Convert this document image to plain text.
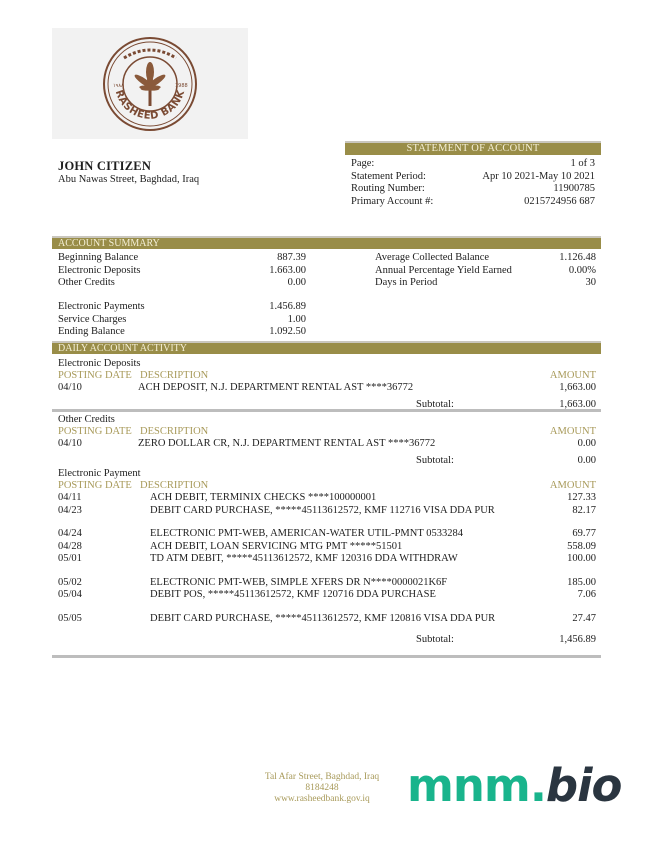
١٩٨٨	1988
RASHEED BANK
STATEMENT OF ACCOUNT
JOHN CITIZEN
Abu Nawas Street, Baghdad, Iraq
Page:	1 of 3
Statement Period:	Apr 10 2021-May 10 2021
Routing Number:	11900785
Primary Account #:	0215724956 687
ACCOUNT SUMMARY
Beginning Balance	887.39
Electronic Deposits	1.663.00
Other Credits	0.00
Electronic Payments	1.456.89
Service Charges	1.00
Ending Balance	1.092.50
Average Collected Balance	1.126.48
Annual Percentage Yield Earned	0.00%
Days in Period	30
DAILY ACCOUNT ACTIVITY
Electronic Deposits
POSTING DATE DESCRIPTION	AMOUNT
04/10	ACH DEPOSIT, N.J. DEPARTMENT RENTAL AST ****36772	1,663.00
Subtotal:	1,663.00
Other Credits
POSTING DATE DESCRIPTION	AMOUNT
04/10	ZERO DOLLAR CR, N.J. DEPARTMENT RENTAL AST ****36772	0.00
Subtotal:	0.00
Electronic Payment
POSTING DATE DESCRIPTION	AMOUNT
04/11	ACH DEBIT, TERMINIX CHECKS ****100000001	127.33
04/23	DEBIT CARD PURCHASE, *****45113612572, KMF 112716 VISA DDA PUR	82.17
04/24	ELECTRONIC PMT-WEB, AMERICAN-WATER UTIL-PMNT 0533284	69.77
04/28	ACH DEBIT, LOAN SERVICING MTG PMT *****51501	558.09
05/01	TD ATM DEBIT, *****45113612572, KMF 120316 DDA WITHDRAW	100.00
05/02	ELECTRONIC PMT-WEB, SIMPLE XFERS DR N****0000021K6F	185.00
05/04	DEBIT POS, *****45113612572, KMF 120716 DDA PURCHASE	7.06
05/05	DEBIT CARD PURCHASE, *****45113612572, KMF 120816 VISA DDA PUR	27.47
Subtotal:	1,456.89
Tal Afar Street, Baghdad, Iraq
8184248
www.rasheedbank.gov.iq mnm.bio
